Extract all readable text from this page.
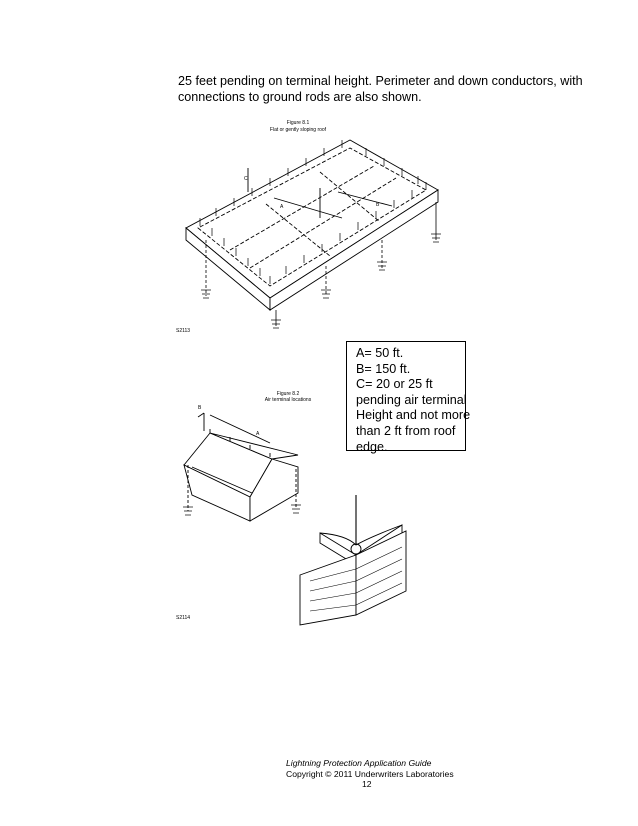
25 feet pending on terminal height. Perimeter and down conductors, with connections to ground rods are also shown.

Figure 8.1
Flat or gently sloping roof
C
A	B
S2113
Figure 8.2
Air terminal locations
B
A
S2114
A= 50 ft.
B= 150 ft.
C= 20 or 25 ft
pending air terminal
Height and not more
than 2 ft from roof
edge.
Lightning Protection Application Guide
Copyright © 2011 Underwriters Laboratories
12
